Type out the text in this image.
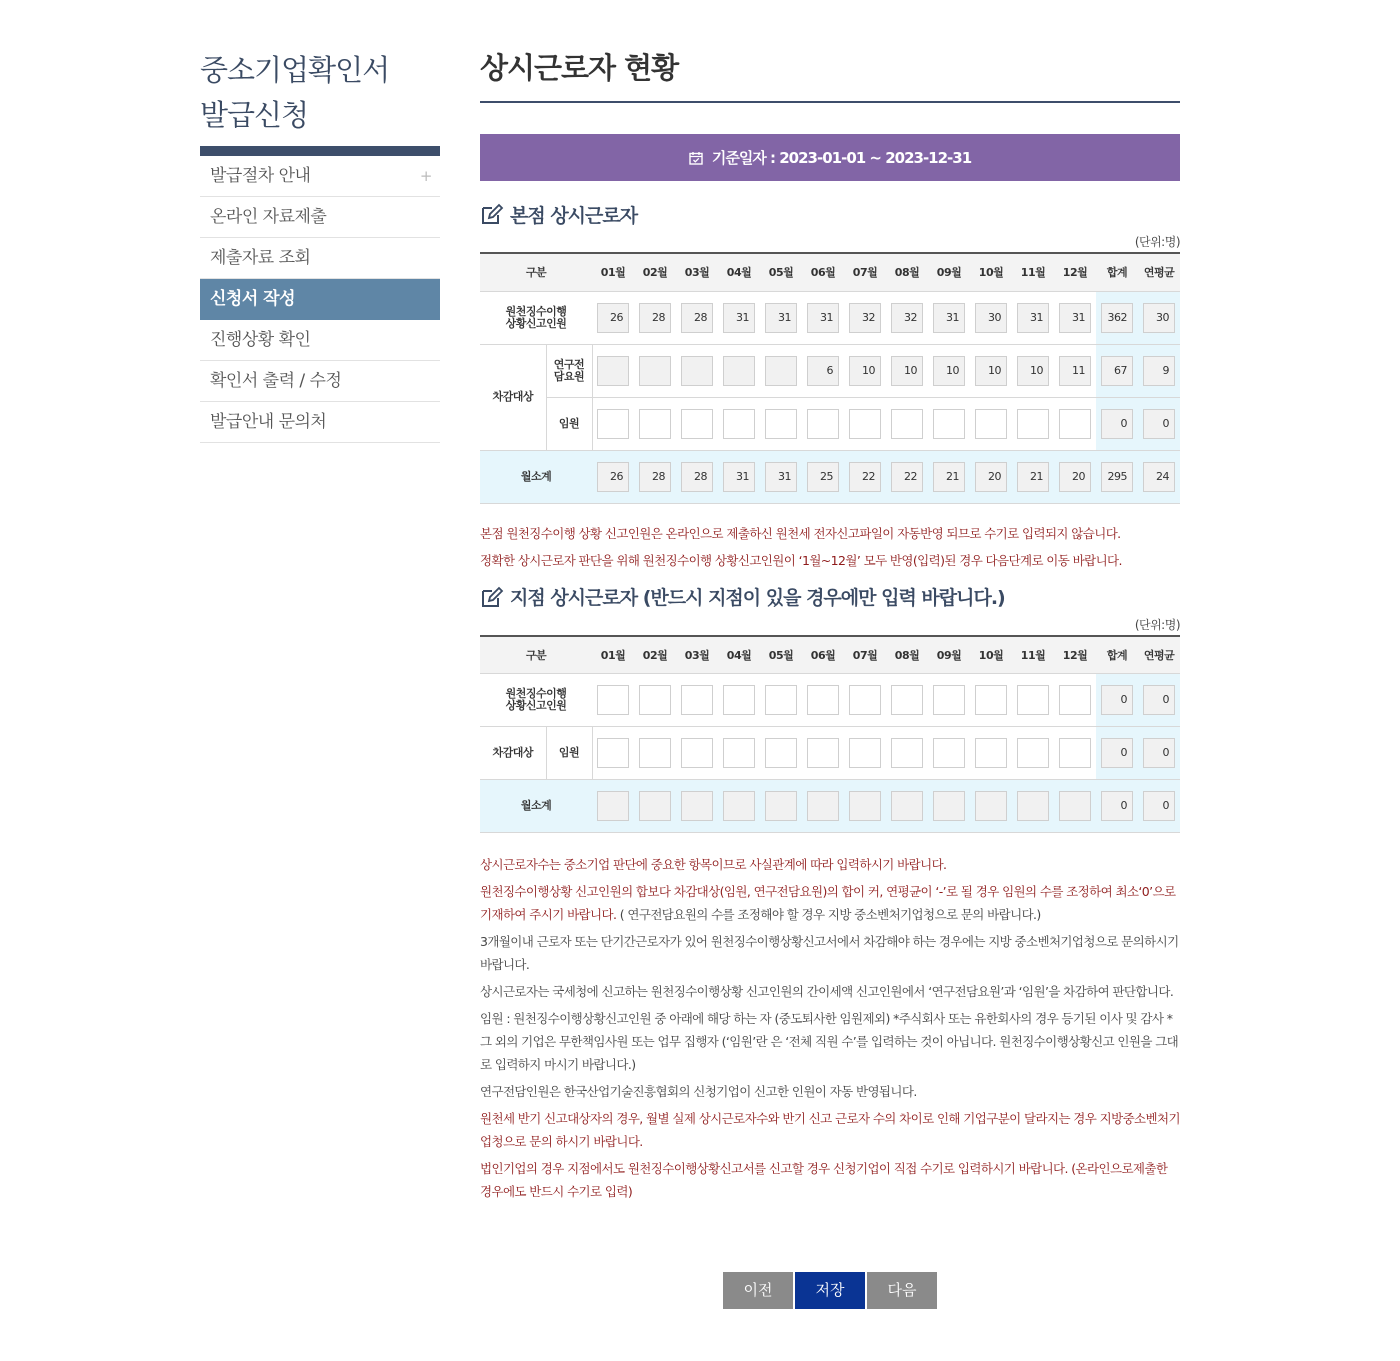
중소기업확인서
발급신청
발급절차 안내	+
온라인 자료제출
제출자료 조회
신청서 작성
진행상황 확인
확인서 출력 / 수정
발급안내 문의처
상시근로자 현황
기준일자 : 2023-01-01 ~ 2023-12-31
본점 상시근로자
(단위:명)
구분		01월	02월	03월	04월	05월	06월	07월	08월	09월	10월	11월	12월	합계	연평균

원천징수이행 상황신고인원		26	28	28	31	31	31	32	32	31	30	31	31	362	30

차감대상	연구전 담요원						6	10	10	10	10	10	11	67	9

	임원													0	0

월소계		26	28	28	31	31	25	22	22	21	20	21	20	295	24
본점 원천징수이행 상황 신고인원은 온라인으로 제출하신 원천세 전자신고파일이 자동반영 되므로 수기로 입력되지 않습니다.
정확한 상시근로자 판단을 위해 원천징수이행 상황신고인원이 ‘1월~12월’ 모두 반영(입력)된 경우 다음단계로 이동 바랍니다.
지점 상시근로자 (반드시 지점이 있을 경우에만 입력 바랍니다.)
(단위:명)
구분		01월	02월	03월	04월	05월	06월	07월	08월	09월	10월	11월	12월	합계	연평균

원천징수이행 상황신고인원														0	0

차감대상	임원													0	0

월소계														0	0
상시근로자수는 중소기업 판단에 중요한 항목이므로 사실관계에 따라 입력하시기 바랍니다.
원천징수이행상황 신고인원의 합보다 차감대상(임원, 연구전담요원)의 합이 커, 연평균이 ‘-’로 될 경우 임원의 수를 조정하여 최소‘0’으로 기재하여 주시기 바랍니다. ( 연구전담요원의 수를 조정해야 할 경우 지방 중소벤처기업청으로 문의 바랍니다.)
3개월이내 근로자 또는 단기간근로자가 있어 원천징수이행상황신고서에서 차감해야 하는 경우에는 지방 중소벤처기업청으로 문의하시기 바랍니다.
상시근로자는 국세청에 신고하는 원천징수이행상황 신고인원의 간이세액 신고인원에서 ‘연구전담요원’과 ‘임원’을 차감하여 판단합니다.
임원 : 원천징수이행상황신고인원 중 아래에 해당 하는 자 (중도퇴사한 임원제외) *주식회사 또는 유한회사의 경우 등기된 이사 및 감사 * 그 외의 기업은 무한책임사원 또는 업무 집행자 (‘임원’란 은 ‘전체 직원 수’를 입력하는 것이 아닙니다. 원천징수이행상황신고 인원을 그대로 입력하지 마시기 바랍니다.)
연구전담인원은 한국산업기술진흥협회의 신청기업이 신고한 인원이 자동 반영됩니다.
원천세 반기 신고대상자의 경우, 월별 실제 상시근로자수와 반기 신고 근로자 수의 차이로 인해 기업구분이 달라지는 경우 지방중소벤처기업청으로 문의 하시기 바랍니다.
법인기업의 경우 지점에서도 원천징수이행상황신고서를 신고할 경우 신청기업이 직접 수기로 입력하시기 바랍니다. (온라인으로제출한 경우에도 반드시 수기로 입력)
이전	저장	다음
